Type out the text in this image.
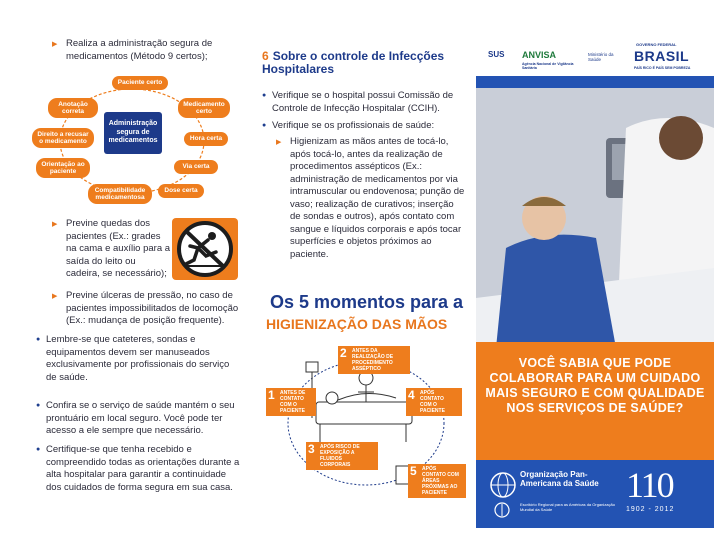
▶ Realiza a administração segura de medicamentos (Método 9 certos);
Administração segura de medicamentos
Paciente certo
Medicamento certo
Hora certa
Via certa
Dose certa
Compatibilidade medicamentosa
Orientação ao paciente
Direito a recusar o medicamento
Anotação correta
▶ Previne quedas dos pacientes (Ex.: grades na cama e auxílio para a saída do leito ou cadeira, se necessário);
▶ Previne úlceras de pressão, no caso de pacientes impossibilitados de locomoção (Ex.: mudança de posição frequente).
● Lembre-se que cateteres, sondas e equipamentos devem ser manuseados exclusivamente por profissionais do serviço de saúde.
● Confira se o serviço de saúde mantém o seu prontuário em local seguro. Você pode ter acesso a ele sempre que necessário.
● Certifique-se que tenha recebido e compreendido todas as orientações durante a alta hospitalar para garantir a continuidade dos cuidados de forma segura em sua casa.
6 Sobre o controle de Infecções Hospitalares
● Verifique se o hospital possui Comissão de Controle de Infecção Hospitalar (CCIH).
● Verifique se os profissionais de saúde:
▶ Higienizam as mãos antes de tocá-lo, após tocá-lo, antes da realização de procedimentos assépticos (Ex.: administração de medicamentos por via intramuscular ou endovenosa; punção de vaso; realização de curativos; inserção de sondas e outros), após contato com sangue e líquidos corporais e após tocar superfícies e objetos próximos ao paciente.
Os 5 momentos para a
HIGIENIZAÇÃO DAS MÃOS
1 ANTES DE CONTATO COM O PACIENTE
2 ANTES DA REALIZAÇÃO DE PROCEDIMENTO ASSÉPTICO
3 APÓS RISCO DE EXPOSIÇÃO A FLUIDOS CORPORAIS
4 APÓS CONTATO COM O PACIENTE
5 APÓS CONTATO COM ÁREAS PRÓXIMAS AO PACIENTE
SUS ANVISA
Agência Nacional de Vigilância Sanitária
Ministério da Saúde
GOVERNO FEDERAL
BRASIL
PAÍS RICO É PAÍS SEM POBREZA
VOCÊ SABIA QUE PODE COLABORAR PARA UM CUIDADO MAIS SEGURO E COM QUALIDADE NOS SERVIÇOS DE SAÚDE?
Organização Pan-Americana da Saúde
Escritório Regional para as Américas da Organização Mundial da Saúde
110
1902 - 2012
